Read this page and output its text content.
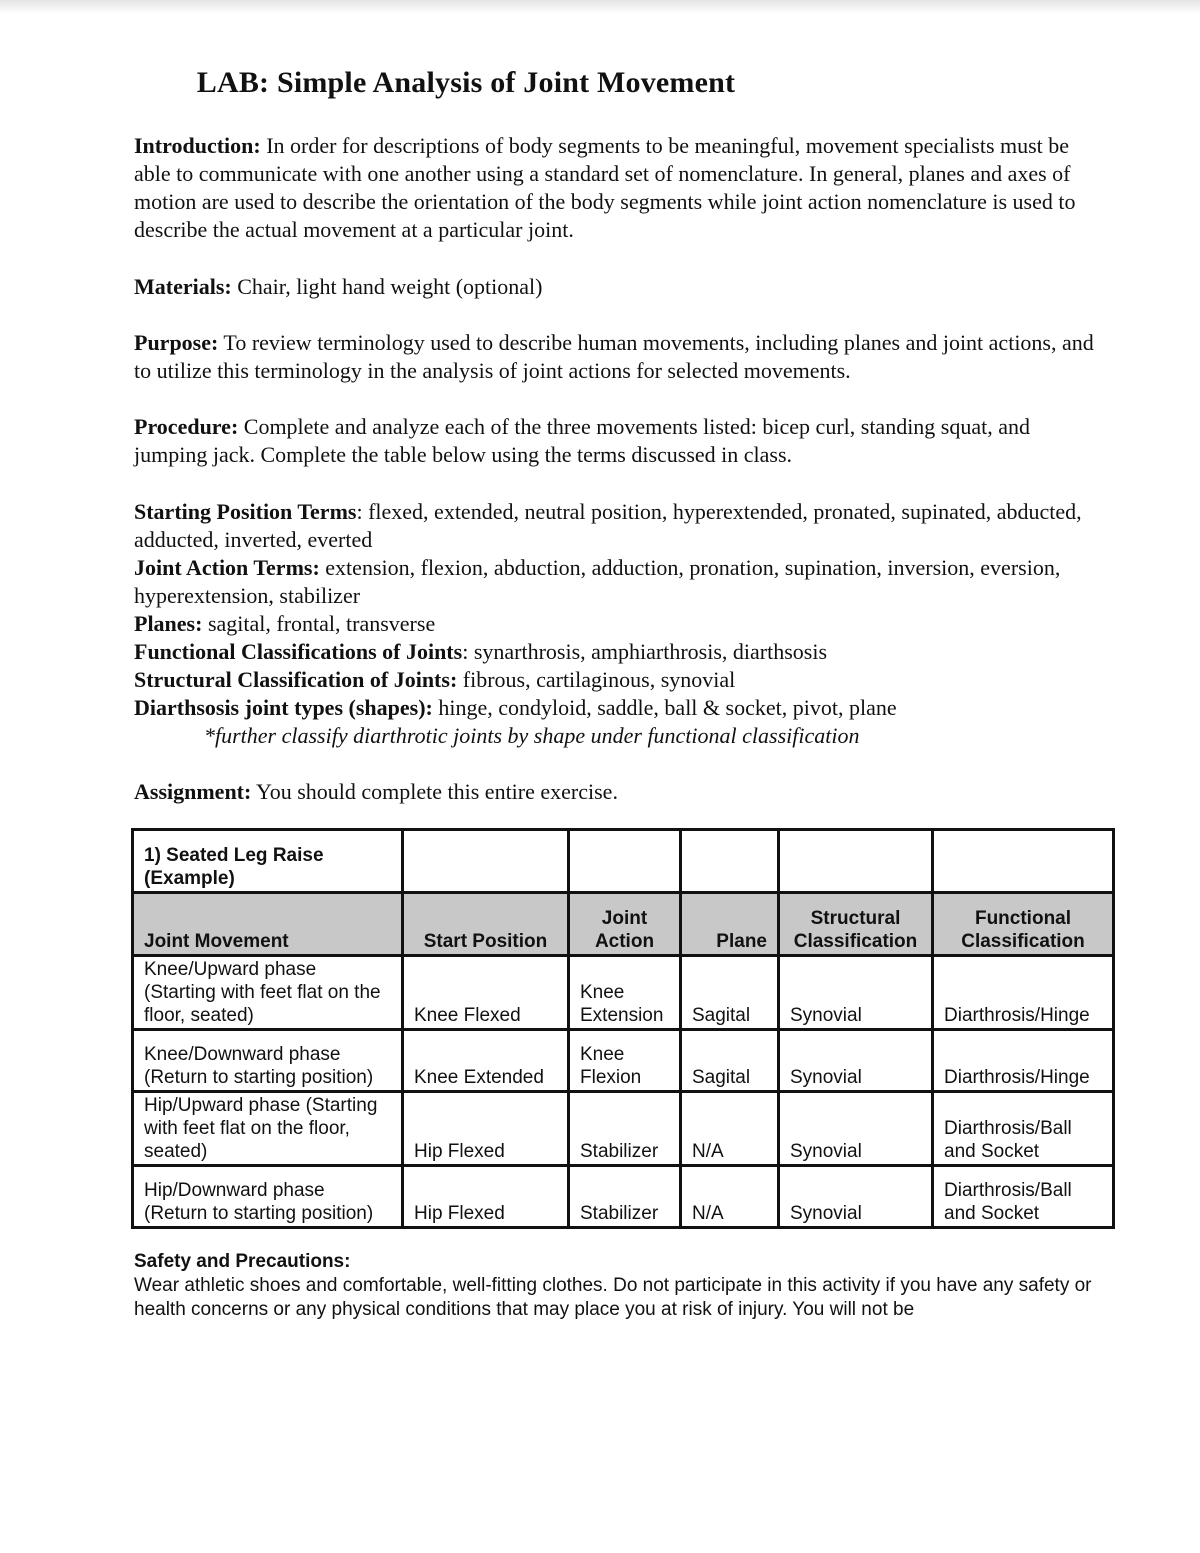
LAB: Simple Analysis of Joint Movement
Introduction: In order for descriptions of body segments to be meaningful, movement specialists must be able to communicate with one another using a standard set of nomenclature. In general, planes and axes of motion are used to describe the orientation of the body segments while joint action nomenclature is used to describe the actual movement at a particular joint.
Materials: Chair, light hand weight (optional)
Purpose: To review terminology used to describe human movements, including planes and joint actions, and to utilize this terminology in the analysis of joint actions for selected movements.
Procedure: Complete and analyze each of the three movements listed: bicep curl, standing squat, and jumping jack. Complete the table below using the terms discussed in class.
Starting Position Terms: flexed, extended, neutral position, hyperextended, pronated, supinated, abducted, adducted, inverted, everted
Joint Action Terms: extension, flexion, abduction, adduction, pronation, supination, inversion, eversion, hyperextension, stabilizer
Planes: sagital, frontal, transverse
Functional Classifications of Joints: synarthrosis, amphiarthrosis, diarthsosis
Structural Classification of Joints: fibrous, cartilaginous, synovial
Diarthsosis joint types (shapes): hinge, condyloid, saddle, ball & socket, pivot, plane
*further classify diarthrotic joints by shape under functional classification
Assignment: You should complete this entire exercise.
1) Seated Leg Raise (Example)					
Joint Movement	Start Position	Joint Action	Plane	Structural Classification	Functional Classification
Knee/Upward phase (Starting with feet flat on the floor, seated)	Knee Flexed	Knee Extension	Sagital	Synovial	Diarthrosis/Hinge
Knee/Downward phase (Return to starting position)	Knee Extended	Knee Flexion	Sagital	Synovial	Diarthrosis/Hinge
Hip/Upward phase (Starting with feet flat on the floor, seated)	Hip Flexed	Stabilizer	N/A	Synovial	Diarthrosis/Ball and Socket
Hip/Downward phase (Return to starting position)	Hip Flexed	Stabilizer	N/A	Synovial	Diarthrosis/Ball and Socket
Safety and Precautions:
Wear athletic shoes and comfortable, well-fitting clothes. Do not participate in this activity if you have any safety or health concerns or any physical conditions that may place you at risk of injury. You will not be
